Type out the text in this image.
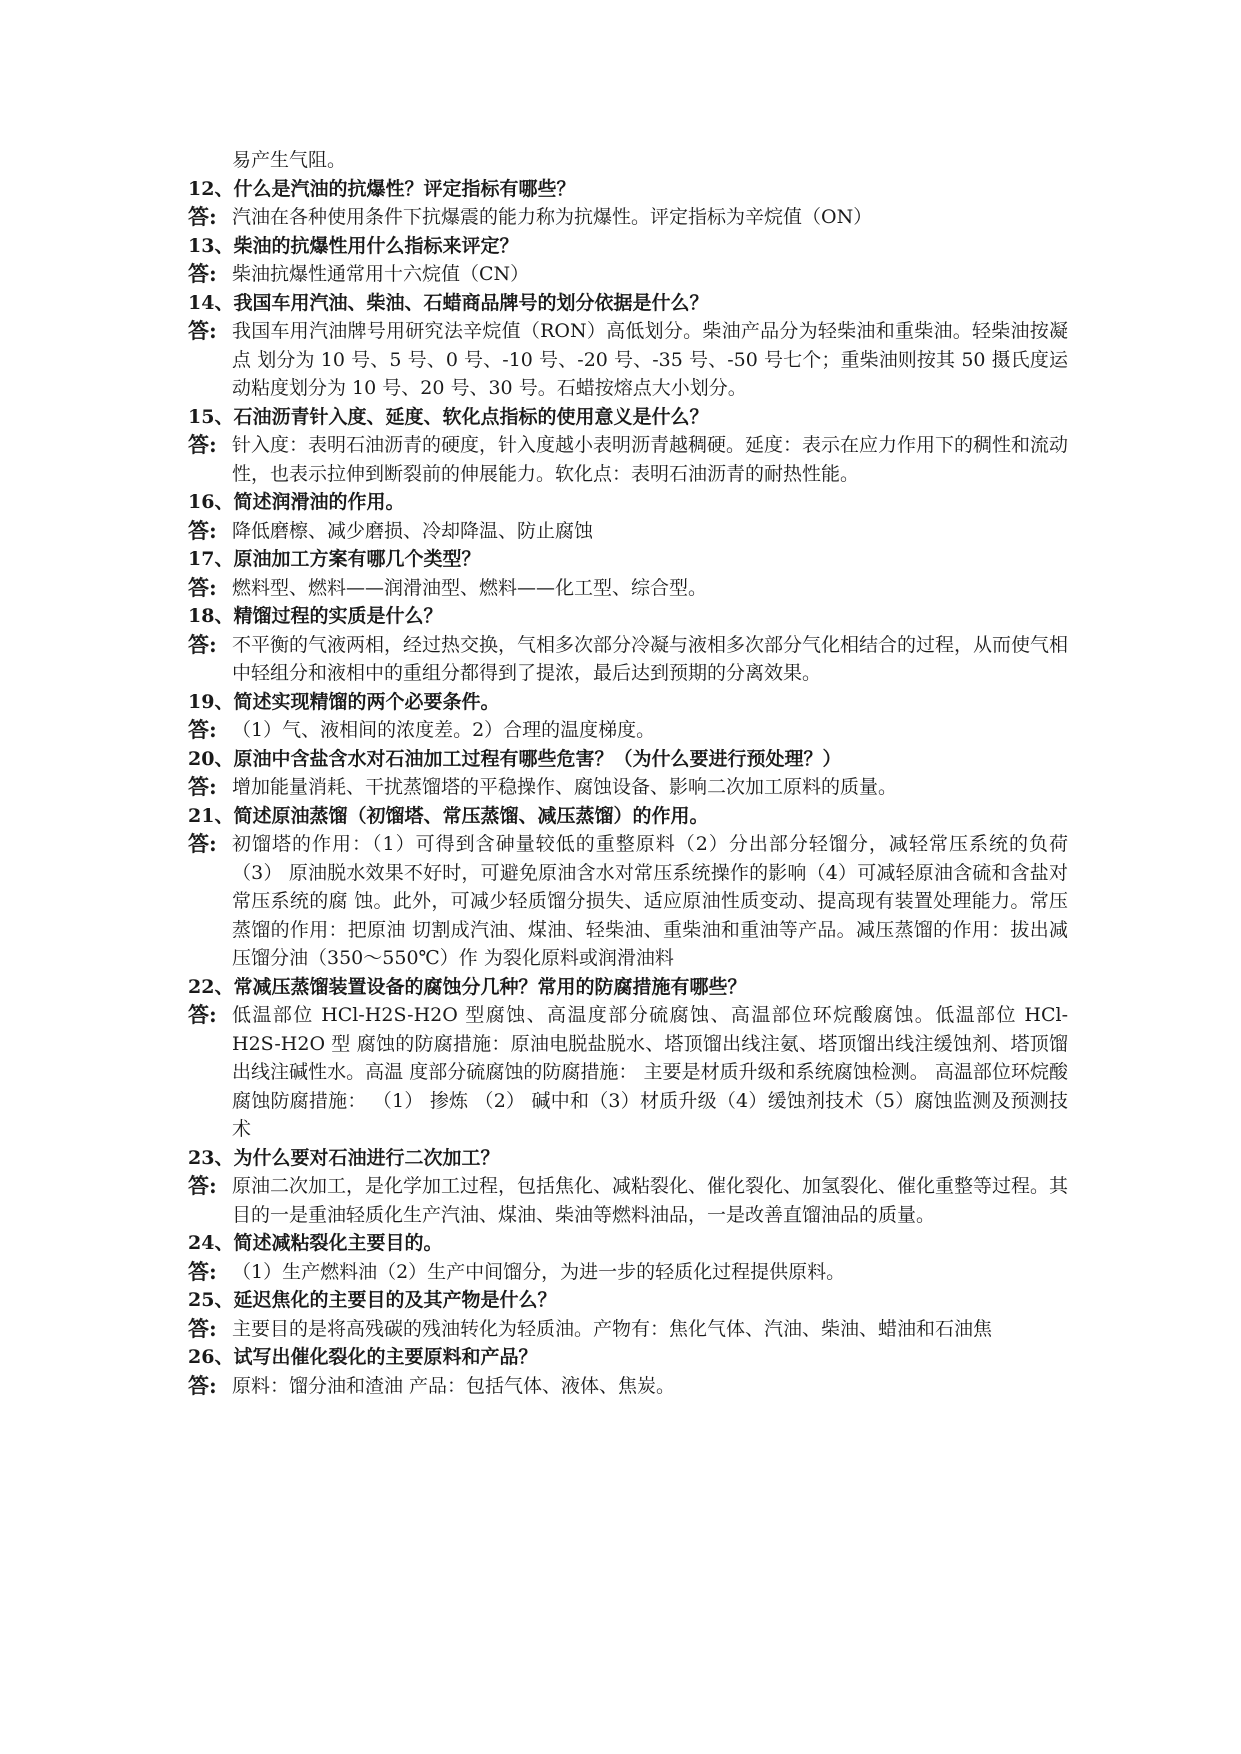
易产生气阻。

12、什么是汽油的抗爆性？评定指标有哪些？

答: 汽油在各种使用条件下抗爆震的能力称为抗爆性。评定指标为辛烷值（ON）

13、柴油的抗爆性用什么指标来评定？

答: 柴油抗爆性通常用十六烷值（CN）

14、我国车用汽油、柴油、石蜡商品牌号的划分依据是什么？

答: 我国车用汽油牌号用研究法辛烷值（RON）高低划分。柴油产品分为轻柴油和重柴油。轻柴油按凝点 划分为 10 号、5 号、0 号、-10 号、-20 号、-35 号、-50 号七个；重柴油则按其 50 摄氏度运动粘度划分为 10 号、20 号、30 号。石蜡按熔点大小划分。

15、石油沥青针入度、延度、软化点指标的使用意义是什么？

答: 针入度：表明石油沥青的硬度，针入度越小表明沥青越稠硬。延度：表示在应力作用下的稠性和流动 性，也表示拉伸到断裂前的伸展能力。软化点：表明石油沥青的耐热性能。

16、简述润滑油的作用。

答: 降低磨檫、减少磨损、冷却降温、防止腐蚀

17、原油加工方案有哪几个类型？

答: 燃料型、燃料——润滑油型、燃料——化工型、综合型。

18、精馏过程的实质是什么？

答: 不平衡的气液两相，经过热交换，气相多次部分冷凝与液相多次部分气化相结合的过程，从而使气相 中轻组分和液相中的重组分都得到了提浓，最后达到预期的分离效果。

19、简述实现精馏的两个必要条件。

答: （1）气、液相间的浓度差。2）合理的温度梯度。

20、原油中含盐含水对石油加工过程有哪些危害？（为什么要进行预处理？）

答: 增加能量消耗、干扰蒸馏塔的平稳操作、腐蚀设备、影响二次加工原料的质量。

21、简述原油蒸馏（初馏塔、常压蒸馏、减压蒸馏）的作用。

答: 初馏塔的作用：（1）可得到含砷量较低的重整原料（2）分出部分轻馏分，减轻常压系统的负荷（3） 原油脱水效果不好时，可避免原油含水对常压系统操作的影响（4）可减轻原油含硫和含盐对常压系统的腐 蚀。此外，可减少轻质馏分损失、适应原油性质变动、提高现有装置处理能力。常压蒸馏的作用：把原油 切割成汽油、煤油、轻柴油、重柴油和重油等产品。减压蒸馏的作用：拔出减压馏分油（350～550℃）作 为裂化原料或润滑油料

22、常减压蒸馏装置设备的腐蚀分几种？常用的防腐措施有哪些？

答: 低温部位 HCl-H2S-H2O 型腐蚀、高温度部分硫腐蚀、高温部位环烷酸腐蚀。低温部位 HCl-H2S-H2O 型 腐蚀的防腐措施：原油电脱盐脱水、塔顶馏出线注氨、塔顶馏出线注缓蚀剂、塔顶馏出线注碱性水。高温 度部分硫腐蚀的防腐措施： 主要是材质升级和系统腐蚀检测。 高温部位环烷酸腐蚀防腐措施： （1） 掺炼 （2） 碱中和（3）材质升级（4）缓蚀剂技术（5）腐蚀监测及预测技术

23、为什么要对石油进行二次加工？

答: 原油二次加工，是化学加工过程，包括焦化、减粘裂化、催化裂化、加氢裂化、催化重整等过程。其 目的一是重油轻质化生产汽油、煤油、柴油等燃料油品，一是改善直馏油品的质量。

24、简述减粘裂化主要目的。

答: （1）生产燃料油（2）生产中间馏分，为进一步的轻质化过程提供原料。

25、延迟焦化的主要目的及其产物是什么？

答: 主要目的是将高残碳的残油转化为轻质油。产物有：焦化气体、汽油、柴油、蜡油和石油焦

26、试写出催化裂化的主要原料和产品？

答: 原料：馏分油和渣油 产品：包括气体、液体、焦炭。
